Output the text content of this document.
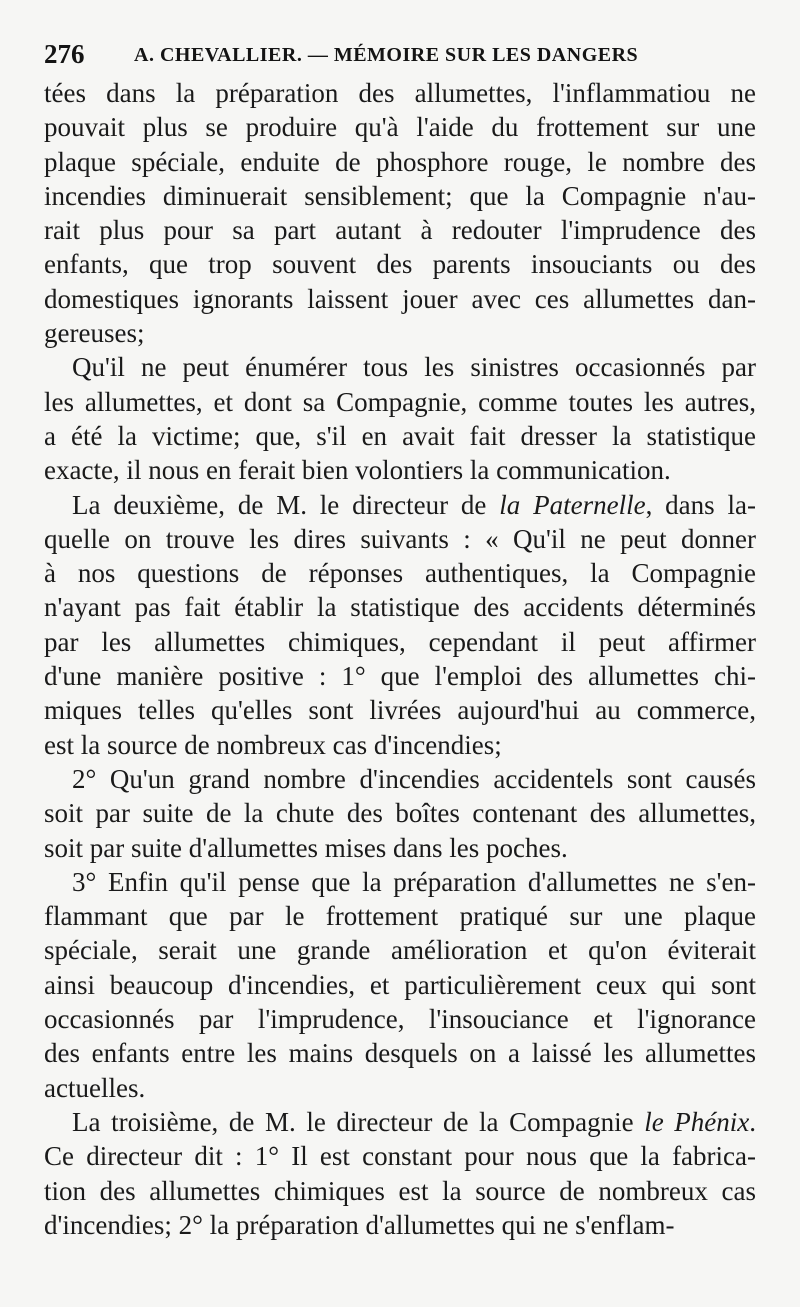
276 A. CHEVALLIER. — MÉMOIRE SUR LES DANGERS
tées dans la préparation des allumettes, l'inflammatiou ne
pouvait plus se produire qu'à l'aide du frottement sur une
plaque spéciale, enduite de phosphore rouge, le nombre des
incendies diminuerait sensiblement; que la Compagnie n'au-
rait plus pour sa part autant à redouter l'imprudence des
enfants, que trop souvent des parents insouciants ou des
domestiques ignorants laissent jouer avec ces allumettes dan-
gereuses;
Qu'il ne peut énumérer tous les sinistres occasionnés par
les allumettes, et dont sa Compagnie, comme toutes les autres,
a été la victime; que, s'il en avait fait dresser la statistique
exacte, il nous en ferait bien volontiers la communication.
La deuxième, de M. le directeur de la Paternelle, dans la-
quelle on trouve les dires suivants : « Qu'il ne peut donner
à nos questions de réponses authentiques, la Compagnie
n'ayant pas fait établir la statistique des accidents déterminés
par les allumettes chimiques, cependant il peut affirmer
d'une manière positive : 1° que l'emploi des allumettes chi-
miques telles qu'elles sont livrées aujourd'hui au commerce,
est la source de nombreux cas d'incendies;
2° Qu'un grand nombre d'incendies accidentels sont causés
soit par suite de la chute des boîtes contenant des allumettes,
soit par suite d'allumettes mises dans les poches.
3° Enfin qu'il pense que la préparation d'allumettes ne s'en-
flammant que par le frottement pratiqué sur une plaque
spéciale, serait une grande amélioration et qu'on éviterait
ainsi beaucoup d'incendies, et particulièrement ceux qui sont
occasionnés par l'imprudence, l'insouciance et l'ignorance
des enfants entre les mains desquels on a laissé les allumettes
actuelles.
La troisième, de M. le directeur de la Compagnie le Phénix.
Ce directeur dit : 1° Il est constant pour nous que la fabrica-
tion des allumettes chimiques est la source de nombreux cas
d'incendies; 2° la préparation d'allumettes qui ne s'enflam-
